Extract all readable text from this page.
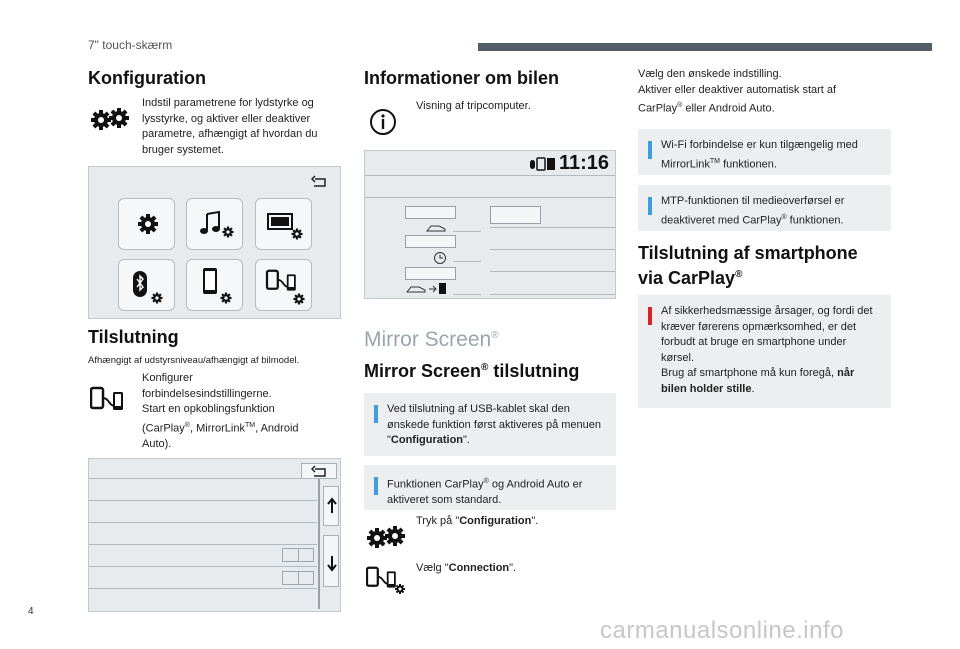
7" touch-skærm
Konfiguration
Indstil parametrene for lydstyrke og lysstyrke, og aktiver eller deaktiver parametre, afhængigt af hvordan du bruger systemet.
Tilslutning
Afhængigt af udstyrsniveau/afhængigt af bilmodel.
Konfigurer
forbindelsesindstillingerne.
Start en opkoblingsfunktion
(CarPlay®, MirrorLink™, Android
Auto).
Informationer om bilen
Visning af tripcomputer.
11:16
Mirror Screen®
Mirror Screen® tilslutning
Ved tilslutning af USB-kablet skal den ønskede funktion først aktiveres på menuen "Configuration".
Funktionen CarPlay® og Android Auto er aktiveret som standard.
Tryk på "Configuration".
Vælg "Connection".
Vælg den ønskede indstilling.
Aktiver eller deaktiver automatisk start af
CarPlay® eller Android Auto.
Wi-Fi forbindelse er kun tilgængelig med MirrorLink™ funktionen.
MTP-funktionen til medieoverførsel er deaktiveret med CarPlay® funktionen.
Tilslutning af smartphone
via CarPlay®
Af sikkerhedsmæssige årsager, og fordi det kræver førerens opmærksomhed, er det forbudt at bruge en smartphone under kørsel.
Brug af smartphone må kun foregå, når bilen holder stille.
4
carmanualsonline.info
